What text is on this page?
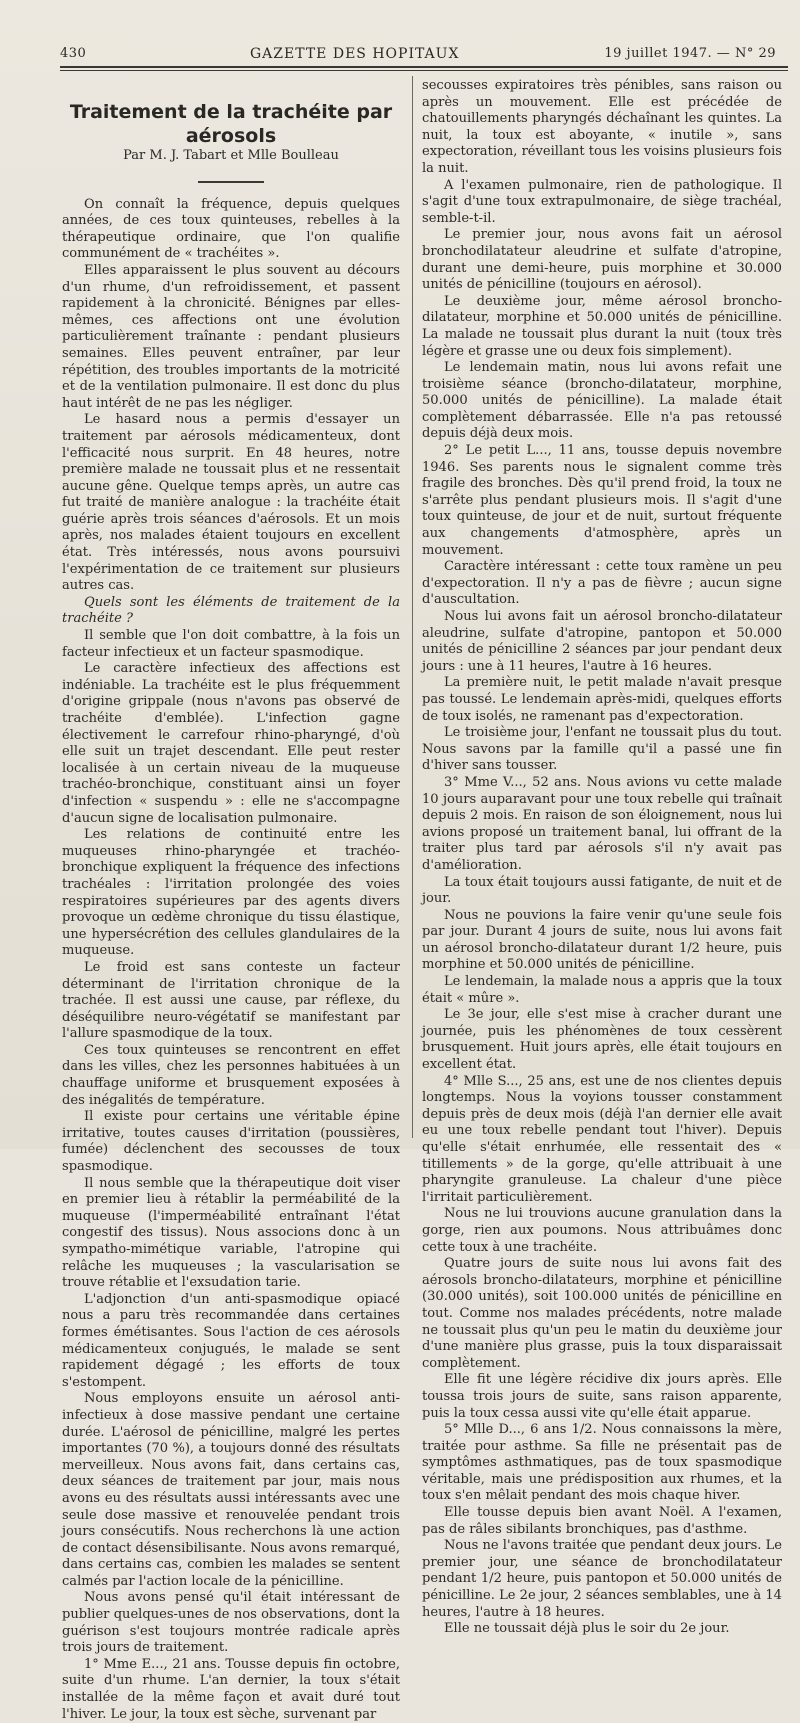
430	GAZETTE DES HOPITAUX	19 juillet 1947. — N° 29
Traitement de la trachéite par aérosols

Par M. J. Tabart et Mlle Boulleau

On connaît la fréquence, depuis quelques années, de ces toux quinteuses, rebelles à la thérapeutique ordinaire, que l'on qualifie communément de « trachéites ».

Elles apparaissent le plus souvent au décours d'un rhume, d'un refroidissement, et passent rapidement à la chronicité. Bénignes par elles-mêmes, ces affections ont une évolution particulièrement traînante : pendant plusieurs semaines. Elles peuvent entraîner, par leur répétition, des troubles importants de la motricité et de la ventilation pulmonaire. Il est donc du plus haut intérêt de ne pas les négliger.

Le hasard nous a permis d'essayer un traitement par aérosols médicamenteux, dont l'efficacité nous surprit. En 48 heures, notre première malade ne toussait plus et ne ressentait aucune gêne. Quelque temps après, un autre cas fut traité de manière analogue : la trachéite était guérie après trois séances d'aérosols. Et un mois après, nos malades étaient toujours en excellent état. Très intéressés, nous avons poursuivi l'expérimentation de ce traitement sur plusieurs autres cas.

Quels sont les éléments de traitement de la trachéite ?

Il semble que l'on doit combattre, à la fois un facteur infectieux et un facteur spasmodique.

Le caractère infectieux des affections est indéniable. La trachéite est le plus fréquemment d'origine grippale (nous n'avons pas observé de trachéite d'emblée). L'infection gagne électivement le carrefour rhino-pharyngé, d'où elle suit un trajet descendant. Elle peut rester localisée à un certain niveau de la muqueuse trachéo-bronchique, constituant ainsi un foyer d'infection « suspendu » : elle ne s'accompagne d'aucun signe de localisation pulmonaire.

Les relations de continuité entre les muqueuses rhino-pharyngée et trachéo-bronchique expliquent la fréquence des infections trachéales : l'irritation prolongée des voies respiratoires supérieures par des agents divers provoque un œdème chronique du tissu élastique, une hypersécrétion des cellules glandulaires de la muqueuse.

Le froid est sans conteste un facteur déterminant de l'irritation chronique de la trachée. Il est aussi une cause, par réflexe, du déséquilibre neuro-végétatif se manifestant par l'allure spasmodique de la toux.

Ces toux quinteuses se rencontrent en effet dans les villes, chez les personnes habituées à un chauffage uniforme et brusquement exposées à des inégalités de température.

Il existe pour certains une véritable épine irritative, toutes causes d'irritation (poussières, fumée) déclenchent des secousses de toux spasmodique.

Il nous semble que la thérapeutique doit viser en premier lieu à rétablir la perméabilité de la muqueuse (l'imperméabilité entraînant l'état congestif des tissus). Nous associons donc à un sympatho-mimétique variable, l'atropine qui relâche les muqueuses ; la vascularisation se trouve rétablie et l'exsudation tarie.

L'adjonction d'un anti-spasmodique opiacé nous a paru très recommandée dans certaines formes émétisantes. Sous l'action de ces aérosols médicamenteux conjugués, le malade se sent rapidement dégagé ; les efforts de toux s'estompent.

Nous employons ensuite un aérosol anti-infectieux à dose massive pendant une certaine durée. L'aérosol de pénicilline, malgré les pertes importantes (70 %), a toujours donné des résultats merveilleux. Nous avons fait, dans certains cas, deux séances de traitement par jour, mais nous avons eu des résultats aussi intéressants avec une seule dose massive et renouvelée pendant trois jours consécutifs. Nous recherchons là une action de contact désensibilisante. Nous avons remarqué, dans certains cas, combien les malades se sentent calmés par l'action locale de la pénicilline.

Nous avons pensé qu'il était intéressant de publier quelques-unes de nos observations, dont la guérison s'est toujours montrée radicale après trois jours de traitement.

1° Mme E..., 21 ans. Tousse depuis fin octobre, suite d'un rhume. L'an dernier, la toux s'était installée de la même façon et avait duré tout l'hiver. Le jour, la toux est sèche, survenant par

secousses expiratoires très pénibles, sans raison ou après un mouvement. Elle est précédée de chatouillements pharyngés déchaînant les quintes. La nuit, la toux est aboyante, « inutile », sans expectoration, réveillant tous les voisins plusieurs fois la nuit.

A l'examen pulmonaire, rien de pathologique. Il s'agit d'une toux extrapulmonaire, de siège trachéal, semble-t-il.

Le premier jour, nous avons fait un aérosol bronchodilatateur aleudrine et sulfate d'atropine, durant une demi-heure, puis morphine et 30.000 unités de pénicilline (toujours en aérosol).

Le deuxième jour, même aérosol broncho-dilatateur, morphine et 50.000 unités de pénicilline. La malade ne toussait plus durant la nuit (toux très légère et grasse une ou deux fois simplement).

Le lendemain matin, nous lui avons refait une troisième séance (broncho-dilatateur, morphine, 50.000 unités de pénicilline). La malade était complètement débarrassée. Elle n'a pas retoussé depuis déjà deux mois.

2° Le petit L..., 11 ans, tousse depuis novembre 1946. Ses parents nous le signalent comme très fragile des bronches. Dès qu'il prend froid, la toux ne s'arrête plus pendant plusieurs mois. Il s'agit d'une toux quinteuse, de jour et de nuit, surtout fréquente aux changements d'atmosphère, après un mouvement.

Caractère intéressant : cette toux ramène un peu d'expectoration. Il n'y a pas de fièvre ; aucun signe d'auscultation.

Nous lui avons fait un aérosol broncho-dilatateur aleudrine, sulfate d'atropine, pantopon et 50.000 unités de pénicilline 2 séances par jour pendant deux jours : une à 11 heures, l'autre à 16 heures.

La première nuit, le petit malade n'avait presque pas toussé. Le lendemain après-midi, quelques efforts de toux isolés, ne ramenant pas d'expectoration.

Le troisième jour, l'enfant ne toussait plus du tout. Nous savons par la famille qu'il a passé une fin d'hiver sans tousser.

3° Mme V..., 52 ans. Nous avions vu cette malade 10 jours auparavant pour une toux rebelle qui traînait depuis 2 mois. En raison de son éloignement, nous lui avions proposé un traitement banal, lui offrant de la traiter plus tard par aérosols s'il n'y avait pas d'amélioration.

La toux était toujours aussi fatigante, de nuit et de jour.

Nous ne pouvions la faire venir qu'une seule fois par jour. Durant 4 jours de suite, nous lui avons fait un aérosol broncho-dilatateur durant 1/2 heure, puis morphine et 50.000 unités de pénicilline.

Le lendemain, la malade nous a appris que la toux était « mûre ».

Le 3e jour, elle s'est mise à cracher durant une journée, puis les phénomènes de toux cessèrent brusquement. Huit jours après, elle était toujours en excellent état.

4° Mlle S..., 25 ans, est une de nos clientes depuis longtemps. Nous la voyions tousser constamment depuis près de deux mois (déjà l'an dernier elle avait eu une toux rebelle pendant tout l'hiver). Depuis qu'elle s'était enrhumée, elle ressentait des « titillements » de la gorge, qu'elle attribuait à une pharyngite granuleuse. La chaleur d'une pièce l'irritait particulièrement.

Nous ne lui trouvions aucune granulation dans la gorge, rien aux poumons. Nous attribuâmes donc cette toux à une trachéite.

Quatre jours de suite nous lui avons fait des aérosols broncho-dilatateurs, morphine et pénicilline (30.000 unités), soit 100.000 unités de pénicilline en tout. Comme nos malades précédents, notre malade ne toussait plus qu'un peu le matin du deuxième jour d'une manière plus grasse, puis la toux disparaissait complètement.

Elle fit une légère récidive dix jours après. Elle toussa trois jours de suite, sans raison apparente, puis la toux cessa aussi vite qu'elle était apparue.

5° Mlle D..., 6 ans 1/2. Nous connaissons la mère, traitée pour asthme. Sa fille ne présentait pas de symptômes asthmatiques, pas de toux spasmodique véritable, mais une prédisposition aux rhumes, et la toux s'en mêlait pendant des mois chaque hiver.

Elle tousse depuis bien avant Noël. A l'examen, pas de râles sibilants bronchiques, pas d'asthme.

Nous ne l'avons traitée que pendant deux jours. Le premier jour, une séance de bronchodilatateur pendant 1/2 heure, puis pantopon et 50.000 unités de pénicilline. Le 2e jour, 2 séances semblables, une à 14 heures, l'autre à 18 heures.

Elle ne toussait déjà plus le soir du 2e jour.
